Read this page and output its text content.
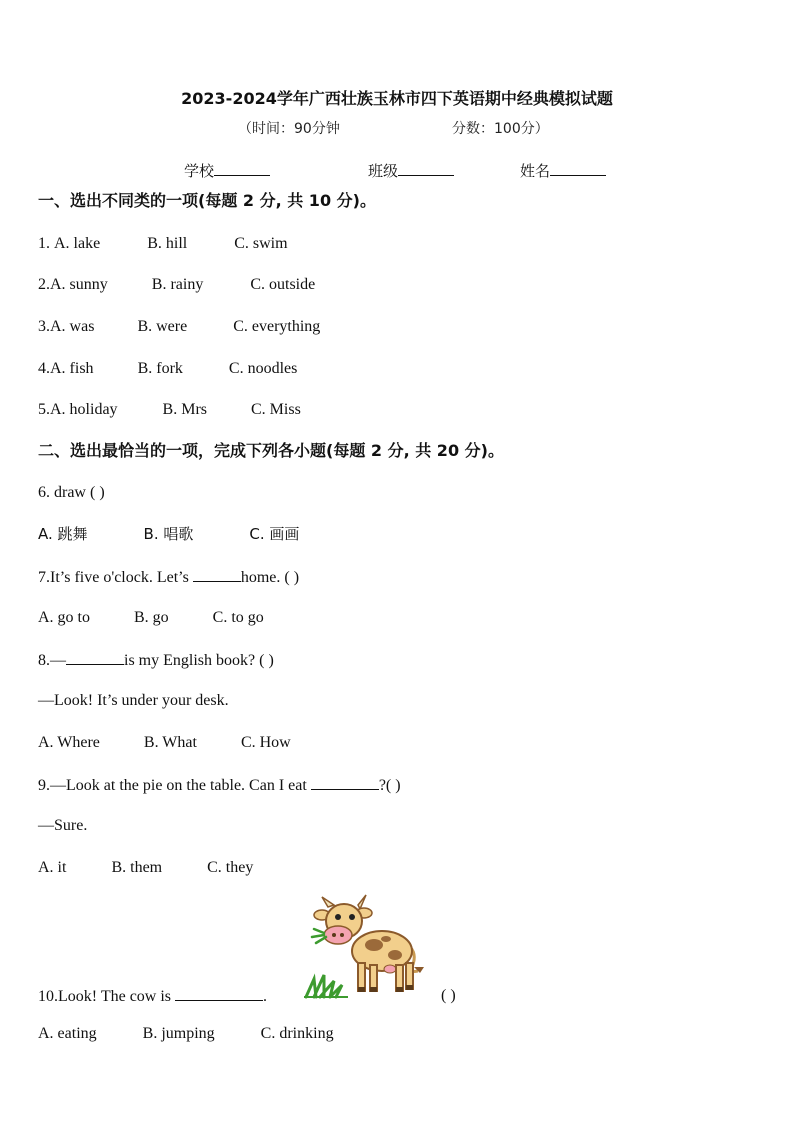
2023-2024学年广西壮族玉林市四下英语期中经典模拟试题
（时间：90分钟	分数：100分）
学校	班级	姓名
一、选出不同类的一项(每题 2 分, 共 10 分)。
1. A. lake	B. hill	C. swim
2.A. sunny	B. rainy	C. outside
3.A. was	B. were	C. everything
4.A. fish	B. fork	C. noodles
5.A. holiday	B. Mrs	C. Miss
二、选出最恰当的一项，完成下列各小题(每题 2 分, 共 20 分)。
6. draw ( )
A. 跳舞	B. 唱歌	C. 画画
7.It’s five o'clock. Let’s	home. ( )
A. go to	B. go	C. to go
8.—	is my English book? ( )
—Look! It’s under your desk.
A. Where	B. What	C. How
9.—Look at the pie on the table. Can I eat	?( )
—Sure.
A. it	B. them	C. they
10.Look! The cow is	.	( )
A. eating	B. jumping	C. drinking
